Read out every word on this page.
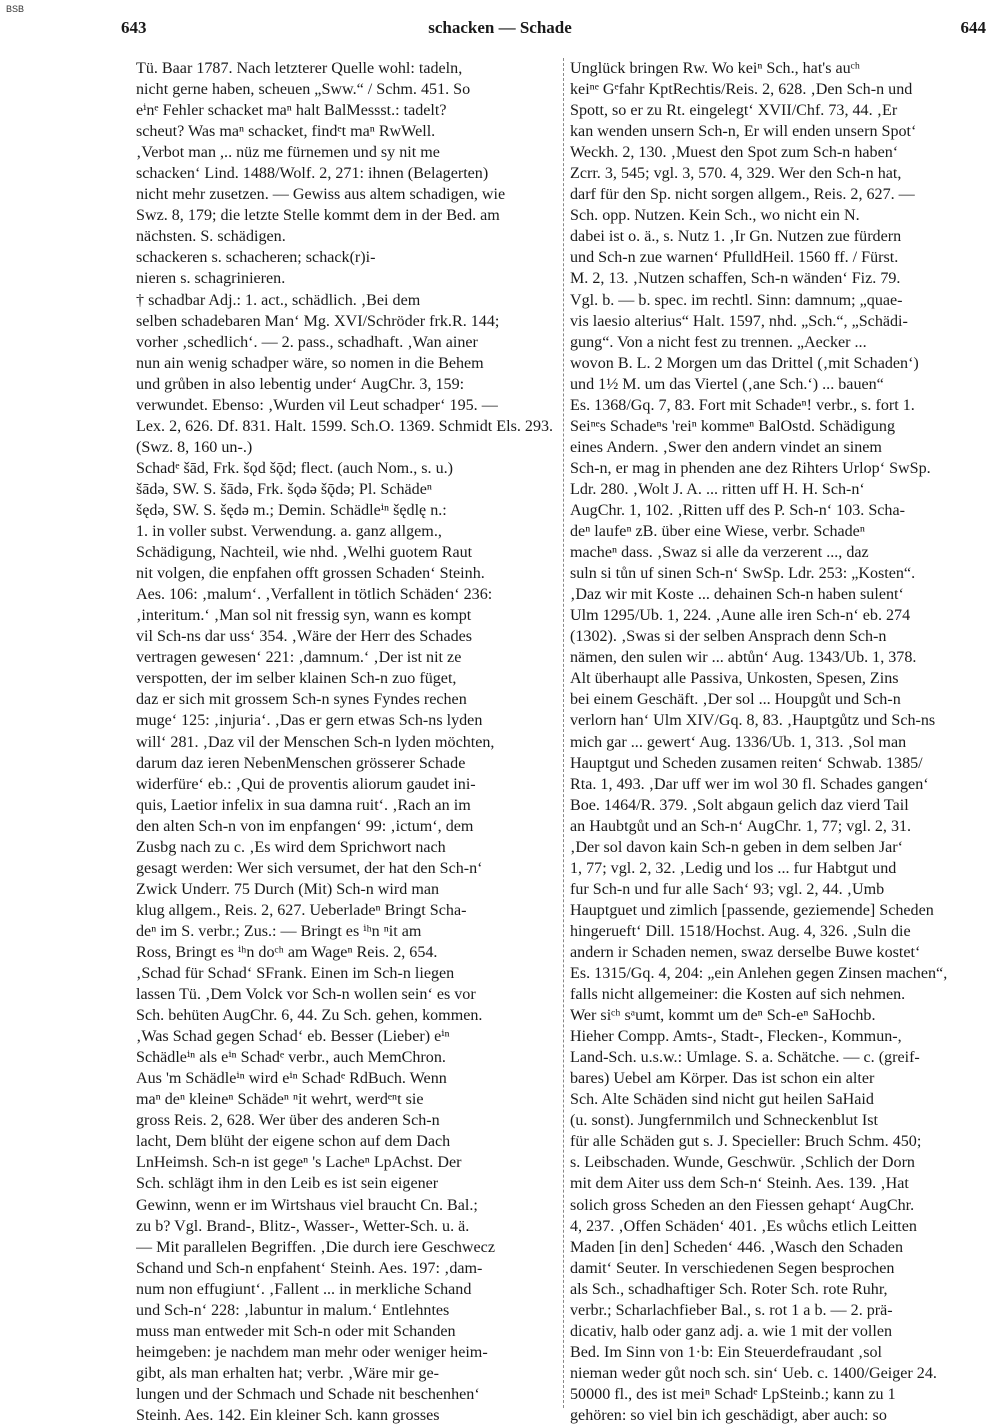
BSB
643	schacken — Schade	644
Tü. Baar 1787. Nach letzterer Quelle wohl: tadeln,
nicht gerne haben, scheuen „Sww.“ / Schm. 451. So
eⁱnᵉ Fehler schacket maⁿ halt BalMessst.: tadelt?
scheut? Was maⁿ schacket, findᵉt maⁿ RwWell.
‚Verbot man ,.. nüz me fürnemen und sy nit me
schacken‘ Lind. 1488/Wolf. 2, 271: ihnen (Belagerten)
nicht mehr zusetzen. — Gewiss aus altem schadigen, wie
Swz. 8, 179; die letzte Stelle kommt dem in der Bed. am
nächsten. S. schädigen.
schackeren s. schacheren; schack(r)i-
nieren s. schagrinieren.
† schadbar Adj.: 1. act., schädlich. ‚Bei dem
selben schadebaren Man‘ Mg. XVI/Schröder frk.R. 144;
vorher ‚schedlich‘. — 2. pass., schadhaft. ‚Wan ainer
nun ain wenig schadper wäre, so nomen in die Behem
und grůben in also lebentig under‘ AugChr. 3, 159:
verwundet. Ebenso: ‚Wurden vil Leut schadper‘ 195. —
Lex. 2, 626. Df. 831. Halt. 1599. Sch.O. 1369. Schmidt Els. 293.
(Swz. 8, 160 un-.)
Schadᵉ šād, Frk. šǫd šǭd; flect. (auch Nom., s. u.)
šādə, SW. S. šādə, Frk. šǫdə šǭdə; Pl. Schädeⁿ
šędə, SW. S. šędə m.; Demin. Schädleⁱⁿ šędlę n.:
1. in voller subst. Verwendung. a. ganz allgem.,
Schädigung, Nachteil, wie nhd. ‚Welhi guotem Raut
nit volgen, die enpfahen offt grossen Schaden‘ Steinh.
Aes. 106: ‚malum‘. ‚Verfallent in tötlich Schäden‘ 236:
‚interitum.‘ ‚Man sol nit fressig syn, wann es kompt
vil Sch-ns dar uss‘ 354. ‚Wäre der Herr des Schades
vertragen gewesen‘ 221: ‚damnum.‘ ‚Der ist nit ze
verspotten, der im selber klainen Sch-n zuo füget,
daz er sich mit grossem Sch-n synes Fyndes rechen
muge‘ 125: ‚injuria‘. ‚Das er gern etwas Sch-ns lyden
will‘ 281. ‚Daz vil der Menschen Sch-n lyden möchten,
darum daz ieren NebenMenschen grösserer Schade
widerfüre‘ eb.: ‚Qui de proventis aliorum gaudet ini-
quis, Laetior infelix in sua damna ruit‘. ‚Rach an im
den alten Sch-n von im enpfangen‘ 99: ‚ictum‘, dem
Zusbg nach zu c. ‚Es wird dem Sprichwort nach
gesagt werden: Wer sich versumet, der hat den Sch-n‘
Zwick Underr. 75 Durch (Mit) Sch-n wird man
klug allgem., Reis. 2, 627. Ueberladeⁿ Bringt Scha-
deⁿ im S. verbr.; Zus.: — Bringt es ⁱʰn ⁿit am
Ross, Bringt es ⁱʰn doᶜʰ am Wageⁿ Reis. 2, 654.
‚Schad für Schad‘ SFrank. Einen im Sch-n liegen
lassen Tü. ‚Dem Volck vor Sch-n wollen sein‘ es vor
Sch. behüten AugChr. 6, 44. Zu Sch. gehen, kommen.
‚Was Schad gegen Schad‘ eb. Besser (Lieber) eⁱⁿ
Schädleⁱⁿ als eⁱⁿ Schadᵉ verbr., auch MemChron.
Aus 'm Schädleⁱⁿ wird eⁱⁿ Schadᵉ RdBuch. Wenn
maⁿ deⁿ kleineⁿ Schädeⁿ ⁿit wehrt, werdᵉⁿt sie
gross Reis. 2, 628. Wer über des anderen Sch-n
lacht, Dem blüht der eigene schon auf dem Dach
LnHeimsh. Sch-n ist gegeⁿ 's Lacheⁿ LpAchst. Der
Sch. schlägt ihm in den Leib es ist sein eigener
Gewinn, wenn er im Wirtshaus viel braucht Cn. Bal.;
zu b? Vgl. Brand-, Blitz-, Wasser-, Wetter-Sch. u. ä.
— Mit parallelen Begriffen. ‚Die durch iere Geschwecz
Schand und Sch-n enpfahent‘ Steinh. Aes. 197: ‚dam-
num non effugiunt‘. ‚Fallent ... in merkliche Schand
und Sch-n‘ 228: ‚labuntur in malum.‘ Entlehntes
muss man entweder mit Sch-n oder mit Schanden
heimgeben: je nachdem man mehr oder weniger heim-
gibt, als man erhalten hat; verbr. ‚Wäre mir ge-
lungen und der Schmach und Schade nit beschenhen‘
Steinh. Aes. 142. Ein kleiner Sch. kann grosses
Unglück bringen Rw. Wo keiⁿ Sch., hat's auᶜʰ
keiⁿᵉ Gᵉfahr KptRechtis/Reis. 2, 628. ‚Den Sch-n und
Spott, so er zu Rt. eingelegt‘ XVII/Chf. 73, 44. ‚Er
kan wenden unsern Sch-n, Er will enden unsern Spot‘
Weckh. 2, 130. ‚Muest den Spot zum Sch-n haben‘
Zcrr. 3, 545; vgl. 3, 570. 4, 329. Wer den Sch-n hat,
darf für den Sp. nicht sorgen allgem., Reis. 2, 627. —
Sch. opp. Nutzen. Kein Sch., wo nicht ein N.
dabei ist o. ä., s. Nutz 1. ‚Ir Gn. Nutzen zue fürdern
und Sch-n zue warnen‘ PfulldHeil. 1560 ff. / Fürst.
M. 2, 13. ‚Nutzen schaffen, Sch-n wänden‘ Fiz. 79.
Vgl. b. — b. spec. im rechtl. Sinn: damnum; „quae-
vis laesio alterius“ Halt. 1597, nhd. „Sch.“, „Schädi-
gung“. Von a nicht fest zu trennen. „Aecker ...
wovon B. L. 2 Morgen um das Drittel (‚mit Schaden‘)
und 1½ M. um das Viertel (‚ane Sch.‘) ... bauen“
Es. 1368/Gq. 7, 83. Fort mit Schadeⁿ! verbr., s. fort 1.
Seiⁿᵉs Schadeⁿs 'reiⁿ kommeⁿ BalOstd. Schädigung
eines Andern. ‚Swer den andern vindet an sinem
Sch-n, er mag in phenden ane dez Rihters Urlop‘ SwSp.
Ldr. 280. ‚Wolt J. A. ... ritten uff H. H. Sch-n‘
AugChr. 1, 102. ‚Ritten uff des P. Sch-n‘ 103. Scha-
deⁿ laufeⁿ zB. über eine Wiese, verbr. Schadeⁿ
macheⁿ dass. ‚Swaz si alle da verzerent ..., daz
suln si tůn uf sinen Sch-n‘ SwSp. Ldr. 253: „Kosten“.
‚Daz wir mit Koste ... dehainen Sch-n haben sulent‘
Ulm 1295/Ub. 1, 224. ‚Aune alle iren Sch-n‘ eb. 274
(1302). ‚Swas si der selben Ansprach denn Sch-n
nämen, den sulen wir ... abtůn‘ Aug. 1343/Ub. 1, 378.
Alt überhaupt alle Passiva, Unkosten, Spesen, Zins
bei einem Geschäft. ‚Der sol ... Houpgůt und Sch-n
verlorn han‘ Ulm XIV/Gq. 8, 83. ‚Hauptgůtz und Sch-ns
mich gar ... gewert‘ Aug. 1336/Ub. 1, 313. ‚Sol man
Hauptgut und Scheden zusamen reiten‘ Schwab. 1385/
Rta. 1, 493. ‚Dar uff wer im wol 30 fl. Schades gangen‘
Boe. 1464/R. 379. ‚Solt abgaun gelich daz vierd Tail
an Haubtgůt und an Sch-n‘ AugChr. 1, 77; vgl. 2, 31.
‚Der sol davon kain Sch-n geben in dem selben Jar‘
1, 77; vgl. 2, 32. ‚Ledig und los ... fur Habtgut und
fur Sch-n und fur alle Sach‘ 93; vgl. 2, 44. ‚Umb
Hauptguet und zimlich [passende, geziemende] Scheden
hingerueft‘ Dill. 1518/Hochst. Aug. 4, 326. ‚Suln die
andern ir Schaden nemen, swaz derselbe Buwe kostet‘
Es. 1315/Gq. 4, 204: „ein Anlehen gegen Zinsen machen“,
falls nicht allgemeiner: die Kosten auf sich nehmen.
Wer siᶜʰ sᵃumt, kommt um deⁿ Sch-eⁿ SaHochb.
Hieher Compp. Amts-, Stadt-, Flecken-, Kommun-,
Land-Sch. u.s.w.: Umlage. S. a. Schätche. — c. (greif-
bares) Uebel am Körper. Das ist schon ein alter
Sch. Alte Schäden sind nicht gut heilen SaHaid
(u. sonst). Jungfernmilch und Schneckenblut Ist
für alle Schäden gut s. J. Specieller: Bruch Schm. 450;
s. Leibschaden. Wunde, Geschwür. ‚Schlich der Dorn
mit dem Aiter uss dem Sch-n‘ Steinh. Aes. 139. ‚Hat
solich gross Scheden an den Fiessen gehapt‘ AugChr.
4, 237. ‚Offen Schäden‘ 401. ‚Es wůchs etlich Leitten
Maden [in den] Scheden‘ 446. ‚Wasch den Schaden
damit‘ Seuter. In verschiedenen Segen besprochen
als Sch., schadhaftiger Sch. Roter Sch. rote Ruhr,
verbr.; Scharlachfieber Bal., s. rot 1 a b. — 2. prä-
dicativ, halb oder ganz adj. a. wie 1 mit der vollen
Bed. Im Sinn von 1·b: Ein Steuerdefraudant ‚sol
nieman weder gůt noch sch. sin‘ Ueb. c. 1400/Geiger 24.
50000 fl., des ist meiⁿ Schadᵉ LpSteinb.; kann zu 1
gehören: so viel bin ich geschädigt, aber auch: so
